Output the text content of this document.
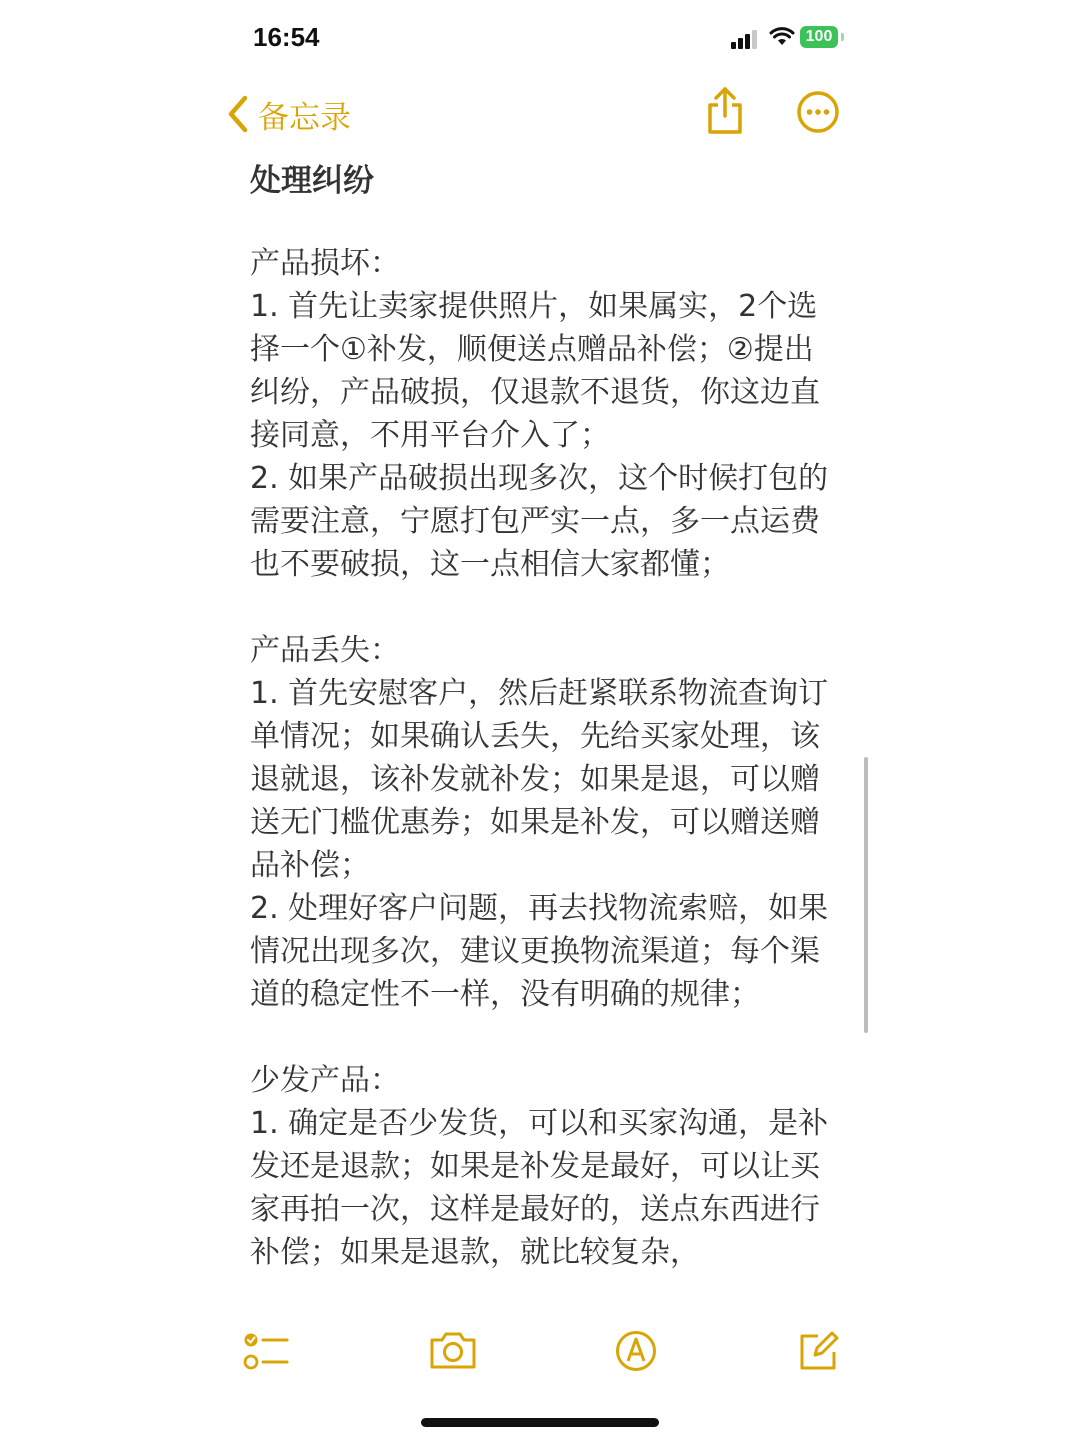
16:54	100
备忘录

处理纠纷

产品损坏：

1. 首先让卖家提供照片，如果属实，2个选择一个①补发，顺便送点赠品补偿；②提出纠纷，产品破损，仅退款不退货，你这边直接同意，不用平台介入了；

2. 如果产品破损出现多次，这个时候打包的需要注意，宁愿打包严实一点，多一点运费也不要破损，这一点相信大家都懂；

产品丢失：

1. 首先安慰客户，然后赶紧联系物流查询订单情况；如果确认丢失，先给买家处理，该退就退，该补发就补发；如果是退，可以赠送无门槛优惠券；如果是补发，可以赠送赠品补偿；

2. 处理好客户问题，再去找物流索赔，如果情况出现多次，建议更换物流渠道；每个渠道的稳定性不一样，没有明确的规律；

少发产品：

1. 确定是否少发货，可以和买家沟通，是补发还是退款；如果是补发是最好，可以让买家再拍一次，这样是最好的，送点东西进行补偿；如果是退款，就比较复杂，
